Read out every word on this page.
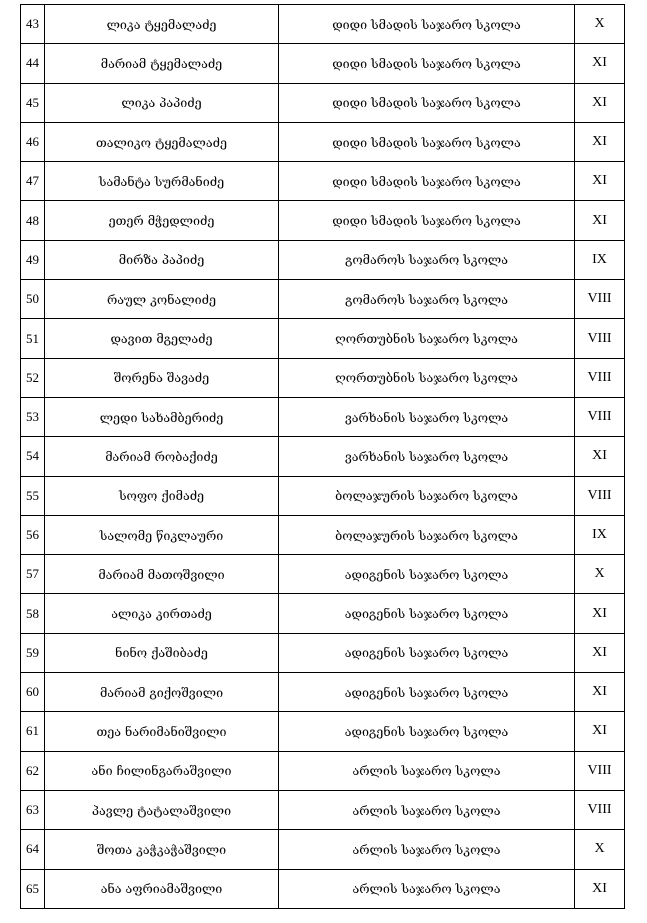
43	ლიკა ტყემალაძე	დიდი სმადის საჯარო სკოლა	X
44	მარიამ ტყემალაძე	დიდი სმადის საჯარო სკოლა	XI
45	ლიკა პაპიძე	დიდი სმადის საჯარო სკოლა	XI
46	თალიკო ტყემალაძე	დიდი სმადის საჯარო სკოლა	XI
47	სამანტა სურმანიძე	დიდი სმადის საჯარო სკოლა	XI
48	ეთერ მჭედლიძე	დიდი სმადის საჯარო სკოლა	XI
49	მირზა პაპიძე	გომაროს საჯარო სკოლა	IX
50	რაულ კონალიძე	გომაროს საჯარო სკოლა	VIII
51	დავით მგელაძე	ღორთუბნის საჯარო სკოლა	VIII
52	შორენა შავაძე	ღორთუბნის საჯარო სკოლა	VIII
53	ლედი სახამბერიძე	ვარხანის საჯარო სკოლა	VIII
54	მარიამ რობაქიძე	ვარხანის საჯარო სკოლა	XI
55	სოფო ქიმაძე	ბოლაჯურის საჯარო სკოლა	VIII
56	სალომე წიკლაური	ბოლაჯურის საჯარო სკოლა	IX
57	მარიამ მათოშვილი	ადიგენის საჯარო სკოლა	X
58	ალიკა კირთაძე	ადიგენის საჯარო სკოლა	XI
59	ნინო ქაშიბაძე	ადიგენის საჯარო სკოლა	XI
60	მარიამ გიქოშვილი	ადიგენის საჯარო სკოლა	XI
61	თეა ნარიმანიშვილი	ადიგენის საჯარო სკოლა	XI
62	ანი ჩილინგარაშვილი	არლის საჯარო სკოლა	VIII
63	პავლე ტატალაშვილი	არლის საჯარო სკოლა	VIII
64	შოთა კაჭკაჭაშვილი	არლის საჯარო სკოლა	X
65	ანა აფრიამაშვილი	არლის საჯარო სკოლა	XI
